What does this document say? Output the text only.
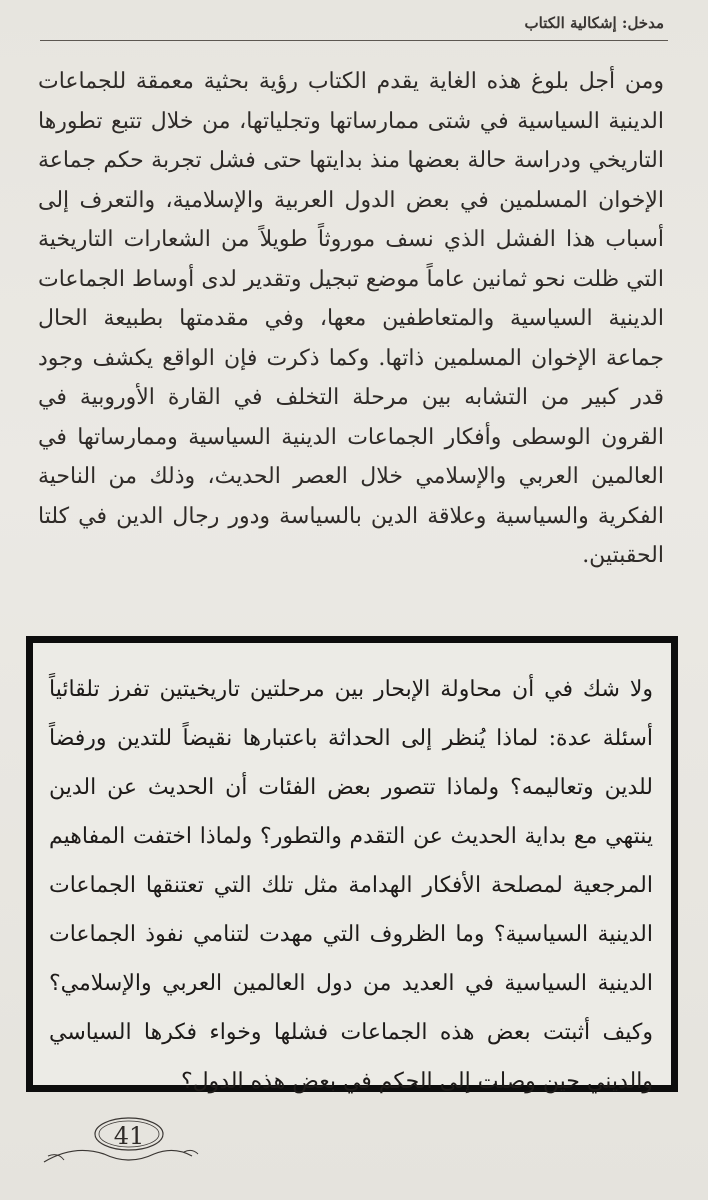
مدخل: إشكالية الكتاب

ومن أجل بلوغ هذه الغاية يقدم الكتاب رؤية بحثية معمقة للجماعات الدينية السياسية في شتى ممارساتها وتجلياتها، من خلال تتبع تطورها التاريخي ودراسة حالة بعضها منذ بدايتها حتى فشل تجربة حكم جماعة الإخوان المسلمين في بعض الدول العربية والإسلامية، والتعرف إلى أسباب هذا الفشل الذي نسف موروثاً طويلاً من الشعارات التاريخية التي ظلت نحو ثمانين عاماً موضع تبجيل وتقدير لدى أوساط الجماعات الدينية السياسية والمتعاطفين معها، وفي مقدمتها بطبيعة الحال جماعة الإخوان المسلمين ذاتها. وكما ذكرت فإن الواقع يكشف وجود قدر كبير من التشابه بين مرحلة التخلف في القارة الأوروبية في القرون الوسطى وأفكار الجماعات الدينية السياسية وممارساتها في العالمين العربي والإسلامي خلال العصر الحديث، وذلك من الناحية الفكرية والسياسية وعلاقة الدين بالسياسة ودور رجال الدين في كلتا الحقبتين.

ولا شك في أن محاولة الإبحار بين مرحلتين تاريخيتين تفرز تلقائياً أسئلة عدة: لماذا يُنظر إلى الحداثة باعتبارها نقيضاً للتدين ورفضاً للدين وتعاليمه؟ ولماذا تتصور بعض الفئات أن الحديث عن الدين ينتهي مع بداية الحديث عن التقدم والتطور؟ ولماذا اختفت المفاهيم المرجعية لمصلحة الأفكار الهدامة مثل تلك التي تعتنقها الجماعات الدينية السياسية؟ وما الظروف التي مهدت لتنامي نفوذ الجماعات الدينية السياسية في العديد من دول العالمين العربي والإسلامي؟ وكيف أثبتت بعض هذه الجماعات فشلها وخواء فكرها السياسي والديني حين وصلت إلى الحكم في بعض هذه الدول؟

41
